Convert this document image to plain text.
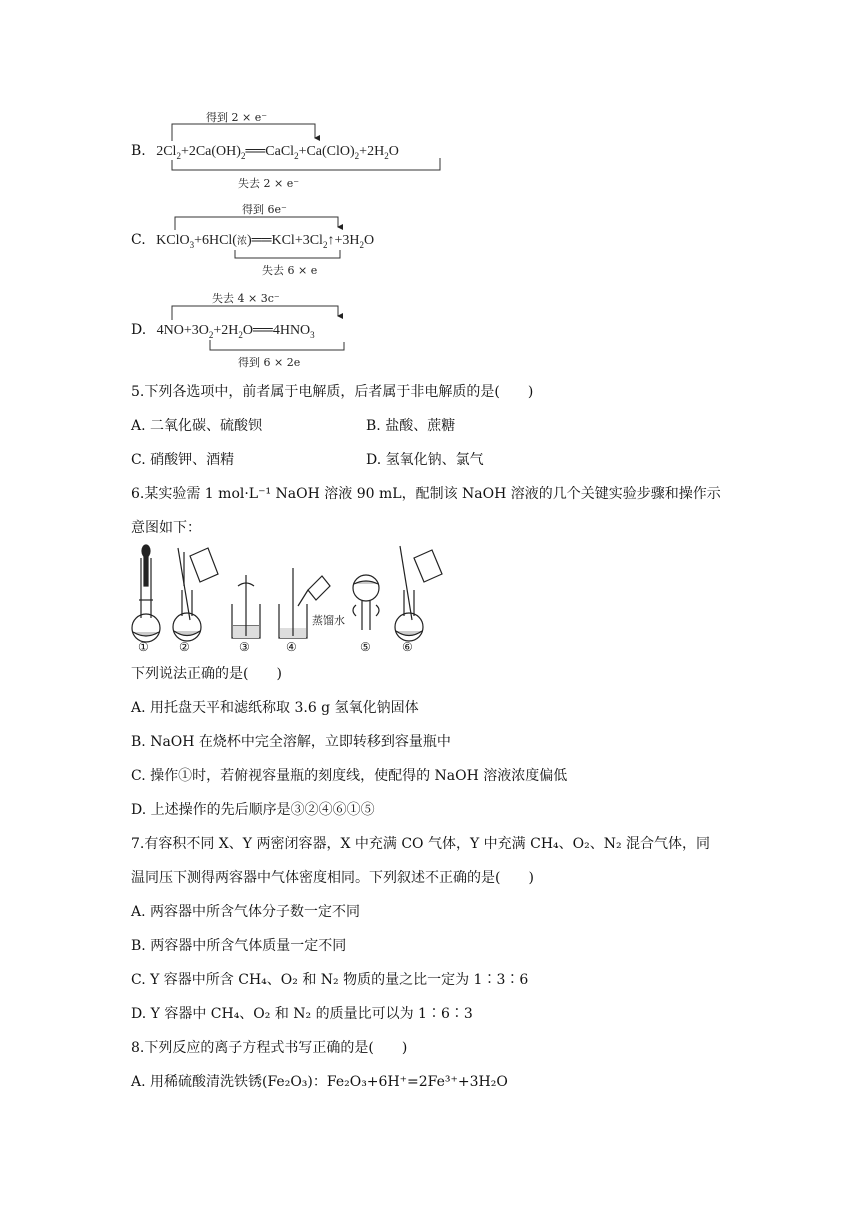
得到 2 × e⁻
B. $2Cl_2+2Ca(OH)_2══CaCl_2+Ca(ClO)_2+2H_2O$
失去 2 × e⁻
得到 6e⁻
C. KClO$_3$+6HCl(浓)$══KCl+3Cl_2↑+3H_2O$
失去 6 × e
失去 4 × 3c⁻
D. $4NO+3O_2+2H_2O══4HNO_3$
得到 6 × 2e
5.下列各选项中，前者属于电解质，后者属于非电解质的是(　　)
A. 二氧化碳、硫酸钡	B. 盐酸、蔗糖
C. 硝酸钾、酒精	D. 氢氧化钠、氯气
6.某实验需 1 mol·L⁻¹ NaOH 溶液 90 mL，配制该 NaOH 溶液的几个关键实验步骤和操作示
意图如下：
蒸馏水
①	②	③	④	⑤	⑥
下列说法正确的是(　　)
A. 用托盘天平和滤纸称取 3.6 g 氢氧化钠固体
B. NaOH 在烧杯中完全溶解，立即转移到容量瓶中
C. 操作①时，若俯视容量瓶的刻度线，使配得的 NaOH 溶液浓度偏低
D. 上述操作的先后顺序是③②④⑥①⑤
7.有容积不同 X、Y 两密闭容器，X 中充满 CO 气体，Y 中充满 CH₄、O₂、N₂ 混合气体，同
温同压下测得两容器中气体密度相同。下列叙述不正确的是(　　)
A. 两容器中所含气体分子数一定不同
B. 两容器中所含气体质量一定不同
C. Y 容器中所含 CH₄、O₂ 和 N₂ 物质的量之比一定为 1∶3∶6
D. Y 容器中 CH₄、O₂ 和 N₂ 的质量比可以为 1∶6∶3
8.下列反应的离子方程式书写正确的是(　　)
A. 用稀硫酸清洗铁锈(Fe₂O₃)：Fe₂O₃+6H⁺=2Fe³⁺+3H₂O
